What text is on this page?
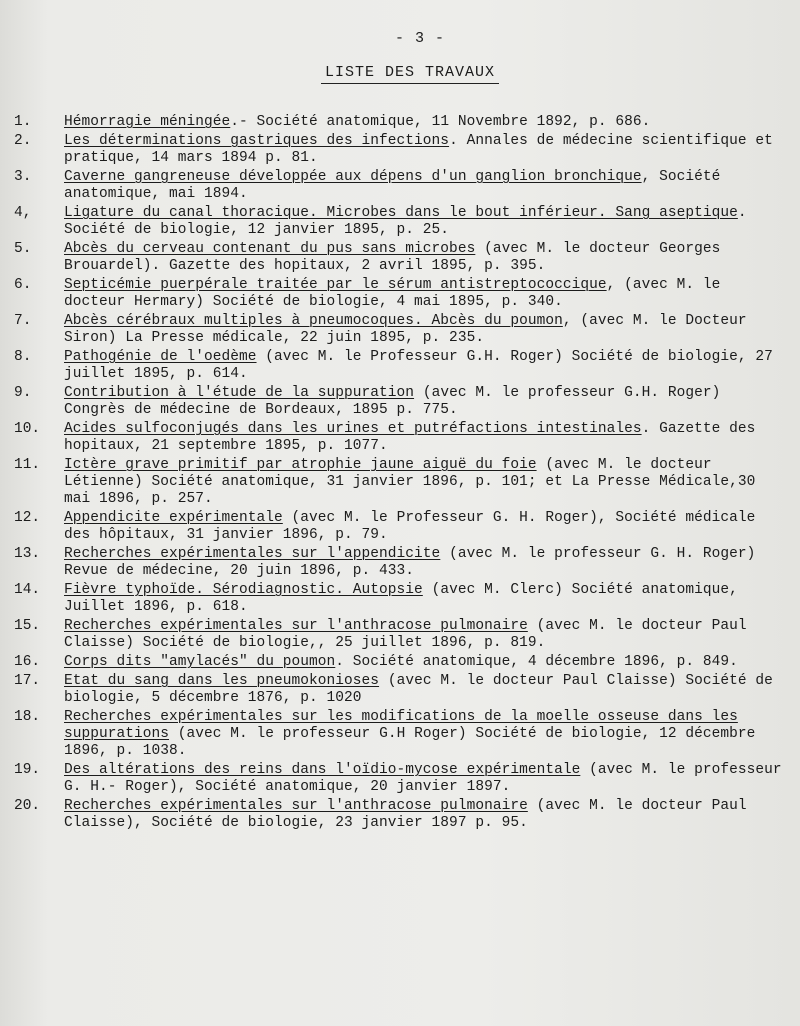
- 3 -
LISTE DES TRAVAUX
1.	Hémorragie méningée.- Société anatomique, 11 Novembre 1892, p. 686.
2.	Les déterminations gastriques des infections. Annales de médecine scientifique et pratique, 14 mars 1894 p. 81.
3.	Caverne gangreneuse développée aux dépens d'un ganglion bronchique, Société anatomique, mai 1894.
4,	Ligature du canal thoracique. Microbes dans le bout inférieur. Sang aseptique. Société de biologie, 12 janvier 1895, p. 25.
5.	Abcès du cerveau contenant du pus sans microbes (avec M. le docteur Georges Brouardel). Gazette des hopitaux, 2 avril 1895, p. 395.
6.	Septicémie puerpérale traitée par le sérum antistreptococcique, (avec M. le docteur Hermary) Société de biologie, 4 mai 1895, p. 340.
7.	Abcès cérébraux multiples à pneumocoques. Abcès du poumon, (avec M. le Docteur Siron) La Presse médicale, 22 juin 1895, p. 235.
8.	Pathogénie de l'oedème (avec M. le Professeur G.H. Roger) Société de biologie, 27 juillet 1895, p. 614.
9.	Contribution à l'étude de la suppuration (avec M. le professeur G.H. Roger) Congrès de médecine de Bordeaux, 1895 p. 775.
10.	Acides sulfoconjugés dans les urines et putréfactions intestinales. Gazette des hopitaux, 21 septembre 1895, p. 1077.
11.	Ictère grave primitif par atrophie jaune aiguë du foie (avec M. le docteur Létienne) Société anatomique, 31 janvier 1896, p. 101; et La Presse Médicale,30 mai 1896, p. 257.
12.	Appendicite expérimentale (avec M. le Professeur G. H. Roger), Société médicale des hôpitaux, 31 janvier 1896, p. 79.
13.	Recherches expérimentales sur l'appendicite (avec M. le professeur G. H. Roger) Revue de médecine, 20 juin 1896, p. 433.
14.	Fièvre typhoïde. Sérodiagnostic. Autopsie (avec M. Clerc) Société anatomique, Juillet 1896, p. 618.
15.	Recherches expérimentales sur l'anthracose pulmonaire (avec M. le docteur Paul Claisse) Société de biologie,, 25 juillet 1896, p. 819.
16.	Corps dits "amylacés" du poumon. Société anatomique, 4 décembre 1896, p. 849.
17.	Etat du sang dans les pneumokonioses (avec M. le docteur Paul Claisse) Société de biologie, 5 décembre 1876, p. 1020
18.	Recherches expérimentales sur les modifications de la moelle osseuse dans les suppurations (avec M. le professeur G.H Roger) Société de biologie, 12 décembre 1896, p. 1038.
19.	Des altérations des reins dans l'oïdio-mycose expérimentale (avec M. le professeur G. H.- Roger), Société anatomique, 20 janvier 1897.
20.	Recherches expérimentales sur l'anthracose pulmonaire (avec M. le docteur Paul Claisse), Société de biologie, 23 janvier 1897 p. 95.
